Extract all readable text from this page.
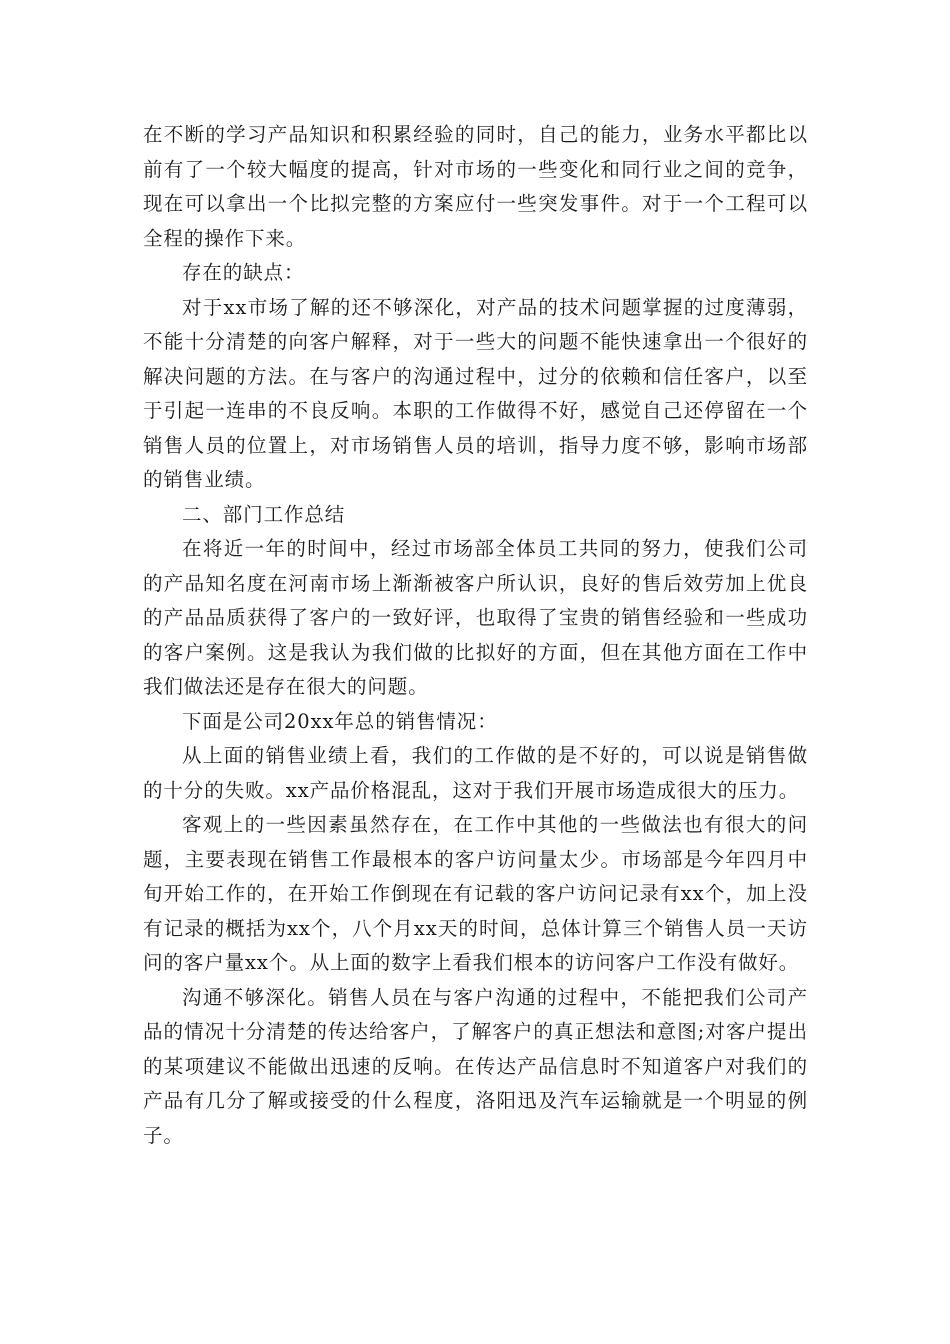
在不断的学习产品知识和积累经验的同时，自己的能力，业务水平都比以前有了一个较大幅度的提高，针对市场的一些变化和同行业之间的竞争，现在可以拿出一个比拟完整的方案应付一些突发事件。对于一个工程可以全程的操作下来。

存在的缺点：

对于xx市场了解的还不够深化，对产品的技术问题掌握的过度薄弱，不能十分清楚的向客户解释，对于一些大的问题不能快速拿出一个很好的解决问题的方法。在与客户的沟通过程中，过分的依赖和信任客户，以至于引起一连串的不良反响。本职的工作做得不好，感觉自己还停留在一个销售人员的位置上，对市场销售人员的培训，指导力度不够，影响市场部的销售业绩。

二、部门工作总结

在将近一年的时间中，经过市场部全体员工共同的努力，使我们公司的产品知名度在河南市场上渐渐被客户所认识，良好的售后效劳加上优良的产品品质获得了客户的一致好评，也取得了宝贵的销售经验和一些成功的客户案例。这是我认为我们做的比拟好的方面，但在其他方面在工作中我们做法还是存在很大的问题。

下面是公司20xx年总的销售情况：

从上面的销售业绩上看，我们的工作做的是不好的，可以说是销售做的十分的失败。xx产品价格混乱，这对于我们开展市场造成很大的压力。

客观上的一些因素虽然存在，在工作中其他的一些做法也有很大的问题，主要表现在销售工作最根本的客户访问量太少。市场部是今年四月中旬开始工作的，在开始工作倒现在有记载的客户访问记录有xx个，加上没有记录的概括为xx个，八个月xx天的时间，总体计算三个销售人员一天访问的客户量xx个。从上面的数字上看我们根本的访问客户工作没有做好。

沟通不够深化。销售人员在与客户沟通的过程中，不能把我们公司产品的情况十分清楚的传达给客户，了解客户的真正想法和意图;对客户提出的某项建议不能做出迅速的反响。在传达产品信息时不知道客户对我们的产品有几分了解或接受的什么程度，洛阳迅及汽车运输就是一个明显的例子。
